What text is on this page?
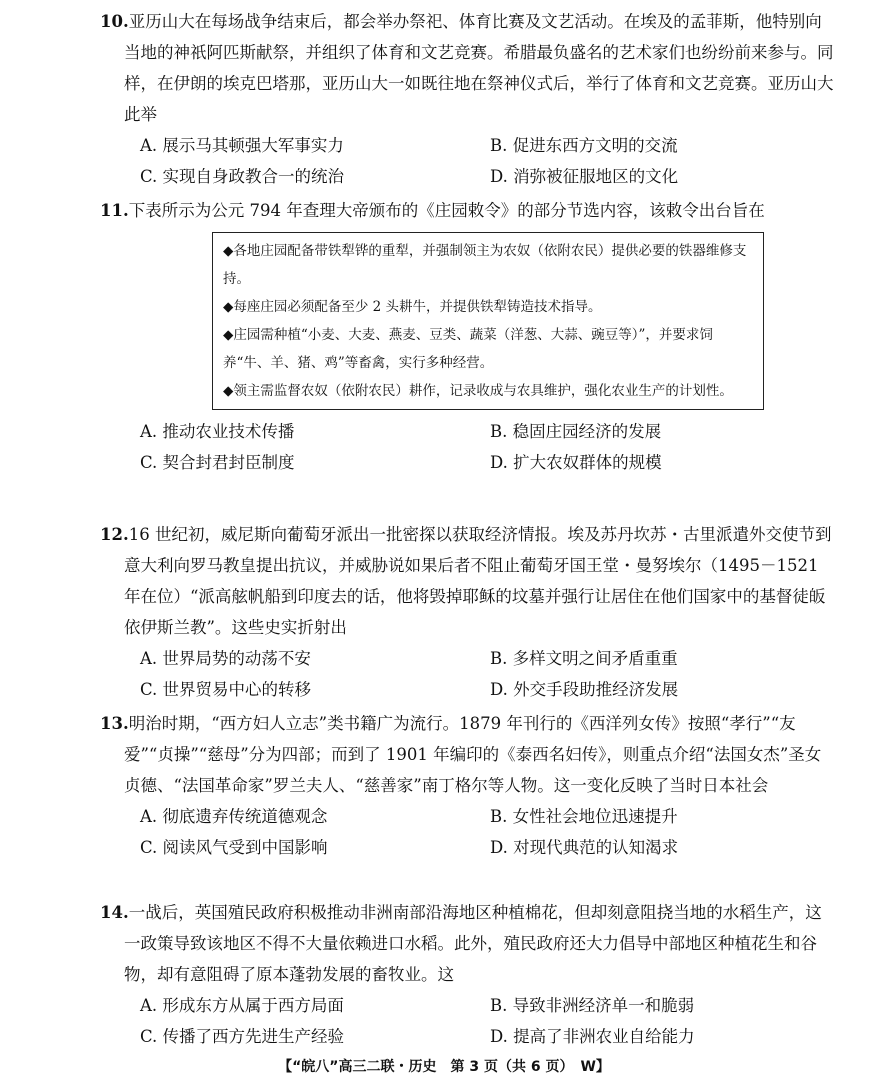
10.亚历山大在每场战争结束后，都会举办祭祀、体育比赛及文艺活动。在埃及的孟菲斯，他特别向当地的神祇阿匹斯献祭，并组织了体育和文艺竞赛。希腊最负盛名的艺术家们也纷纷前来参与。同样，在伊朗的埃克巴塔那，亚历山大一如既往地在祭神仪式后，举行了体育和文艺竞赛。亚历山大此举

A. 展示马其顿强大军事实力	B. 促进东西方文明的交流
C. 实现自身政教合一的统治	D. 消弥被征服地区的文化

11.下表所示为公元 794 年查理大帝颁布的《庄园敕令》的部分节选内容，该敕令出台旨在

◆各地庄园配备带铁犁铧的重犁，并强制领主为农奴（依附农民）提供必要的铁器维修支持。

◆每座庄园必须配备至少 2 头耕牛，并提供铁犁铸造技术指导。

◆庄园需种植“小麦、大麦、燕麦、豆类、蔬菜（洋葱、大蒜、豌豆等）”，并要求饲养“牛、羊、猪、鸡”等畜禽，实行多种经营。

◆领主需监督农奴（依附农民）耕作，记录收成与农具维护，强化农业生产的计划性。

A. 推动农业技术传播	B. 稳固庄园经济的发展
C. 契合封君封臣制度	D. 扩大农奴群体的规模

12.16 世纪初，威尼斯向葡萄牙派出一批密探以获取经济情报。埃及苏丹坎苏・古里派遣外交使节到意大利向罗马教皇提出抗议，并威胁说如果后者不阻止葡萄牙国王堂・曼努埃尔（1495－1521 年在位）“派高舷帆船到印度去的话，他将毁掉耶稣的坟墓并强行让居住在他们国家中的基督徒皈依伊斯兰教”。这些史实折射出

A. 世界局势的动荡不安	B. 多样文明之间矛盾重重
C. 世界贸易中心的转移	D. 外交手段助推经济发展

13.明治时期，“西方妇人立志”类书籍广为流行。1879 年刊行的《西洋列女传》按照“孝行”“友爱”“贞操”“慈母”分为四部；而到了 1901 年编印的《泰西名妇传》，则重点介绍“法国女杰”圣女贞德、“法国革命家”罗兰夫人、“慈善家”南丁格尔等人物。这一变化反映了当时日本社会

A. 彻底遗弃传统道德观念	B. 女性社会地位迅速提升
C. 阅读风气受到中国影响	D. 对现代典范的认知渴求

14.一战后，英国殖民政府积极推动非洲南部沿海地区种植棉花，但却刻意阻挠当地的水稻生产，这一政策导致该地区不得不大量依赖进口水稻。此外，殖民政府还大力倡导中部地区种植花生和谷物，却有意阻碍了原本蓬勃发展的畜牧业。这

A. 形成东方从属于西方局面	B. 导致非洲经济单一和脆弱
C. 传播了西方先进生产经验	D. 提高了非洲农业自给能力
【“皖八”高三二联・历史　第 3 页（共 6 页）　W】
